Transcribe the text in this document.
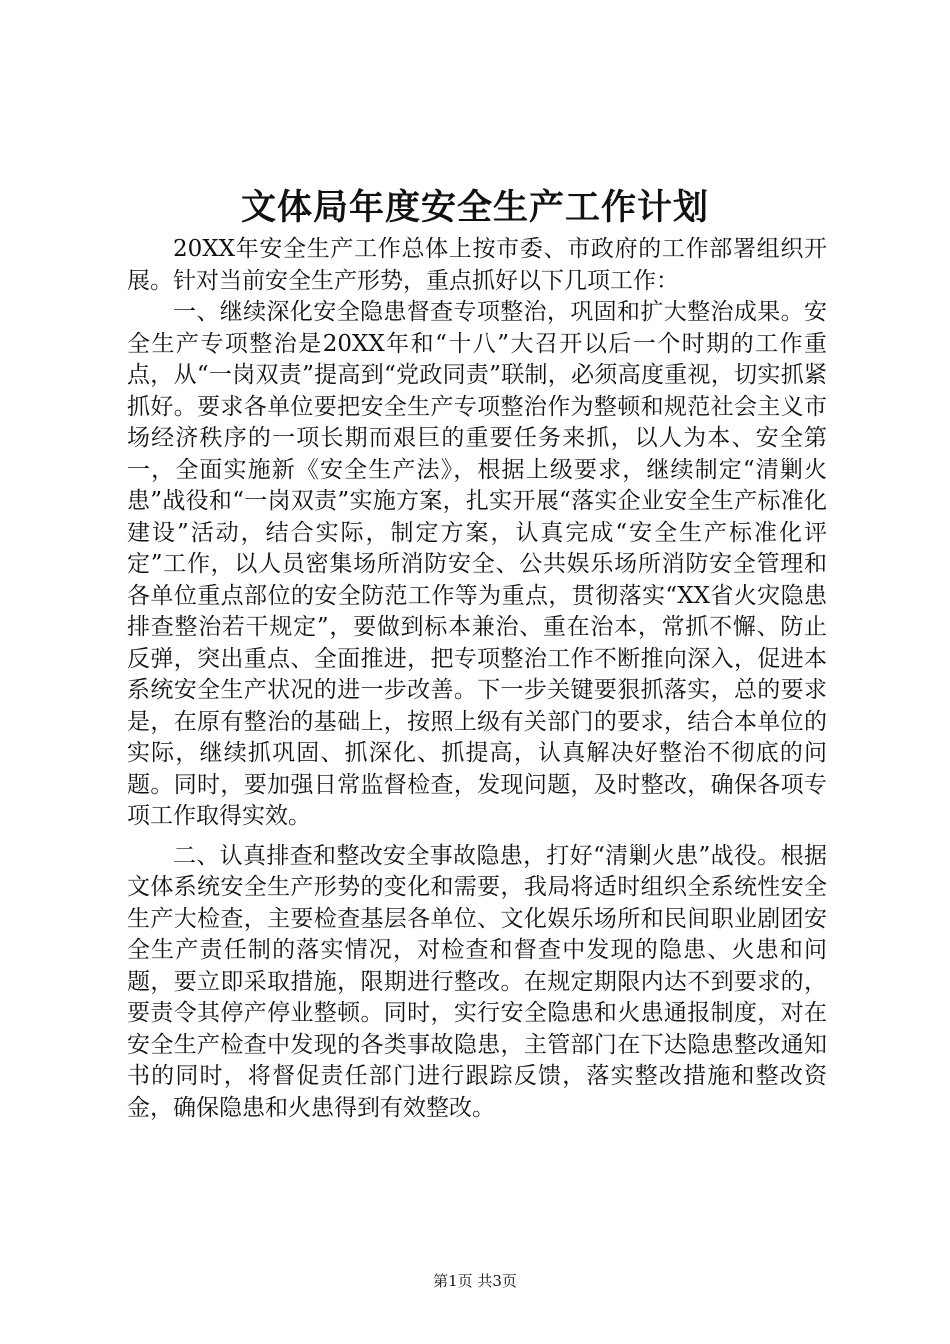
文体局年度安全生产工作计划

20XX年安全生产工作总体上按市委、市政府的工作部署组织开展。针对当前安全生产形势，重点抓好以下几项工作：

一、继续深化安全隐患督查专项整治，巩固和扩大整治成果。安全生产专项整治是20XX年和“十八”大召开以后一个时期的工作重点，从“一岗双责”提高到“党政同责”联制，必须高度重视，切实抓紧抓好。要求各单位要把安全生产专项整治作为整顿和规范社会主义市场经济秩序的一项长期而艰巨的重要任务来抓，以人为本、安全第一，全面实施新《安全生产法》，根据上级要求，继续制定“清剿火患”战役和“一岗双责”实施方案，扎实开展“落实企业安全生产标准化建设”活动，结合实际，制定方案，认真完成“安全生产标准化评定”工作，以人员密集场所消防安全、公共娱乐场所消防安全管理和各单位重点部位的安全防范工作等为重点，贯彻落实“XX省火灾隐患排查整治若干规定”，要做到标本兼治、重在治本，常抓不懈、防止反弹，突出重点、全面推进，把专项整治工作不断推向深入，促进本系统安全生产状况的进一步改善。下一步关键要狠抓落实，总的要求是，在原有整治的基础上，按照上级有关部门的要求，结合本单位的实际，继续抓巩固、抓深化、抓提高，认真解决好整治不彻底的问题。同时，要加强日常监督检查，发现问题，及时整改，确保各项专项工作取得实效。

二、认真排查和整改安全事故隐患，打好“清剿火患”战役。根据文体系统安全生产形势的变化和需要，我局将适时组织全系统性安全生产大检查，主要检查基层各单位、文化娱乐场所和民间职业剧团安全生产责任制的落实情况，对检查和督查中发现的隐患、火患和问题，要立即采取措施，限期进行整改。在规定期限内达不到要求的，要责令其停产停业整顿。同时，实行安全隐患和火患通报制度，对在安全生产检查中发现的各类事故隐患，主管部门在下达隐患整改通知书的同时，将督促责任部门进行跟踪反馈，落实整改措施和整改资金，确保隐患和火患得到有效整改。

第1页 共3页
